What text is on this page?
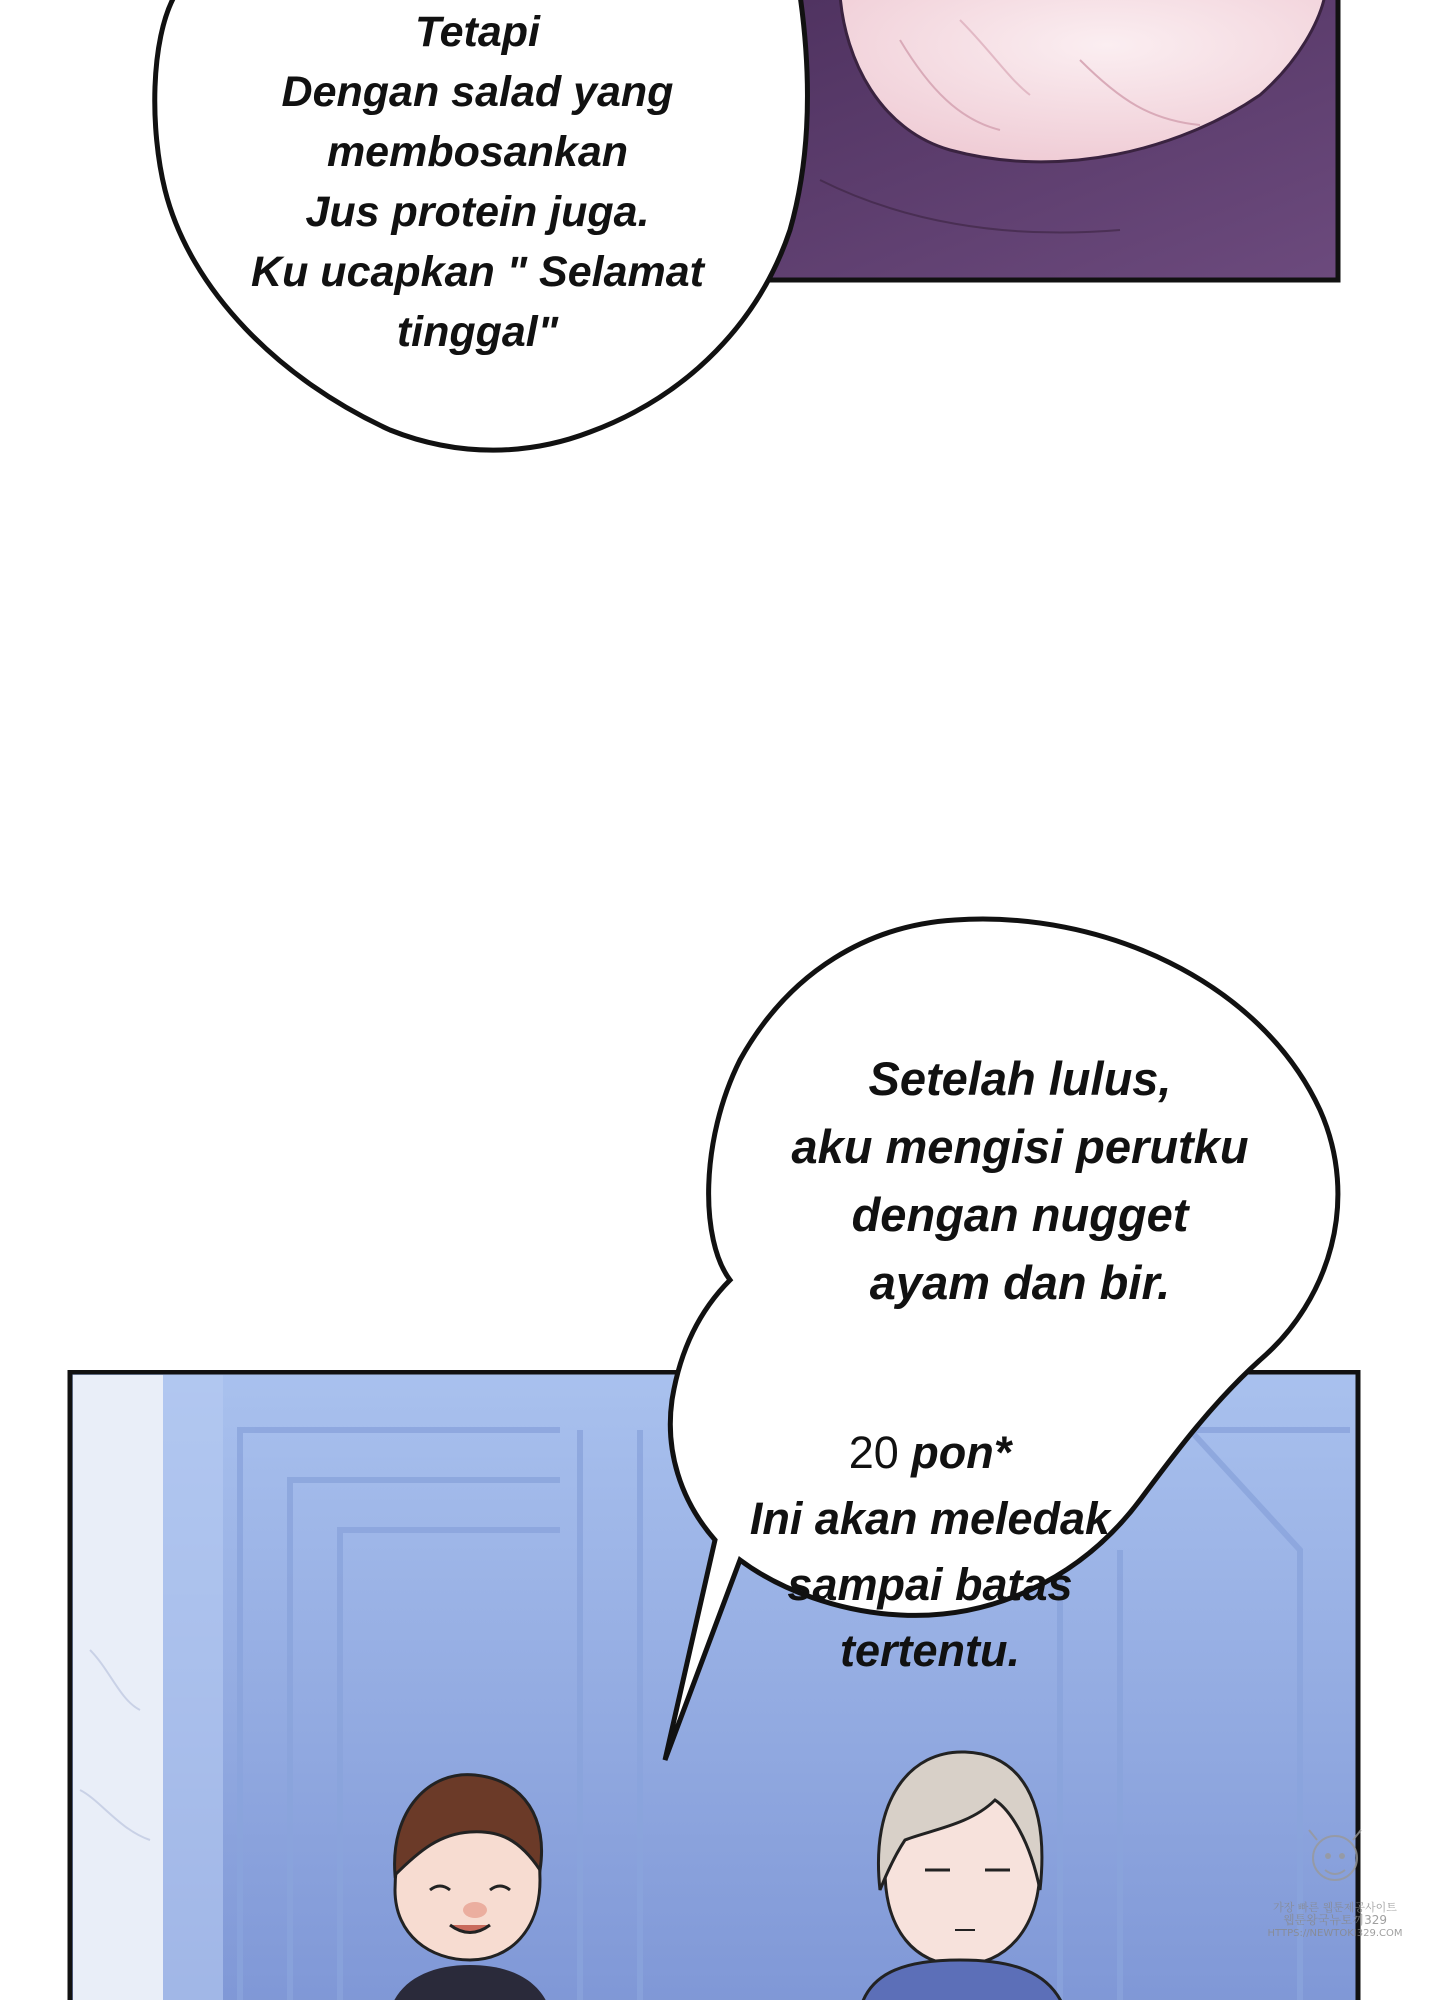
Tetapi
Dengan salad yang
membosankan
Jus protein juga.
Ku ucapkan " Selamat
tinggal"
Setelah lulus,
aku mengisi perutku
dengan nugget
ayam dan bir.
20 pon*
Ini akan meledak
sampai batas
tertentu.
가장 빠른 웹툰제공사이트
웹툰왕국뉴토끼329
HTTPS://NEWTOKI329.COM
